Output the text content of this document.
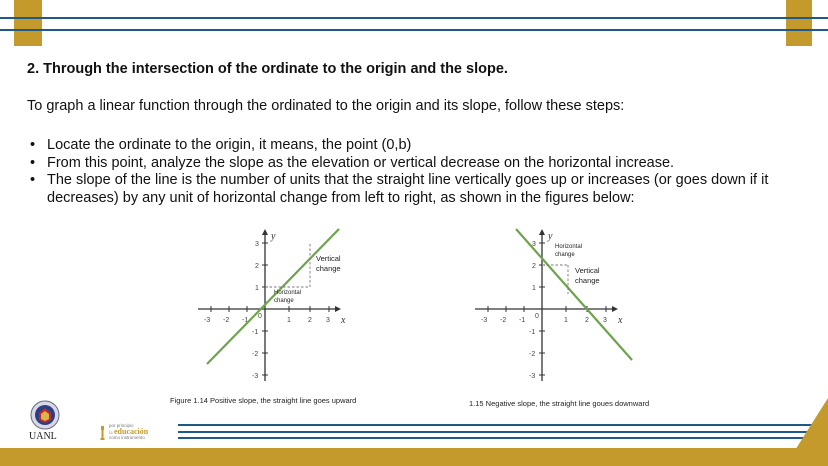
2. Through the intersection of the ordinate to the origin and the slope.
To graph a linear function through the ordinated to the origin and its slope, follow these steps:
• Locate the ordinate to the origin, it means, the point (0,b)
• From this point, analyze the slope as the elevation or vertical decrease on the horizontal increase.
• The slope of the line is the number of units that the straight line vertically goes up or increases (or goes down if it decreases) by any unit of horizontal change from left to right, as shown in the figures below:
-3 -2 -1
0
1 2 3
3
2
1
-1
-2
-3
x
y
Vertical
change
Horizontal
change
Figure 1.14 Positive slope, the straight line goes upward
-3 -2 -1
0
1 2 3
3
2
1
-1
-2
-3
x
y
Horizontal
change
Vertical
change
1.15 Negative slope, the straight line goues downward
UANL
por principio
la educación
como instrumento
